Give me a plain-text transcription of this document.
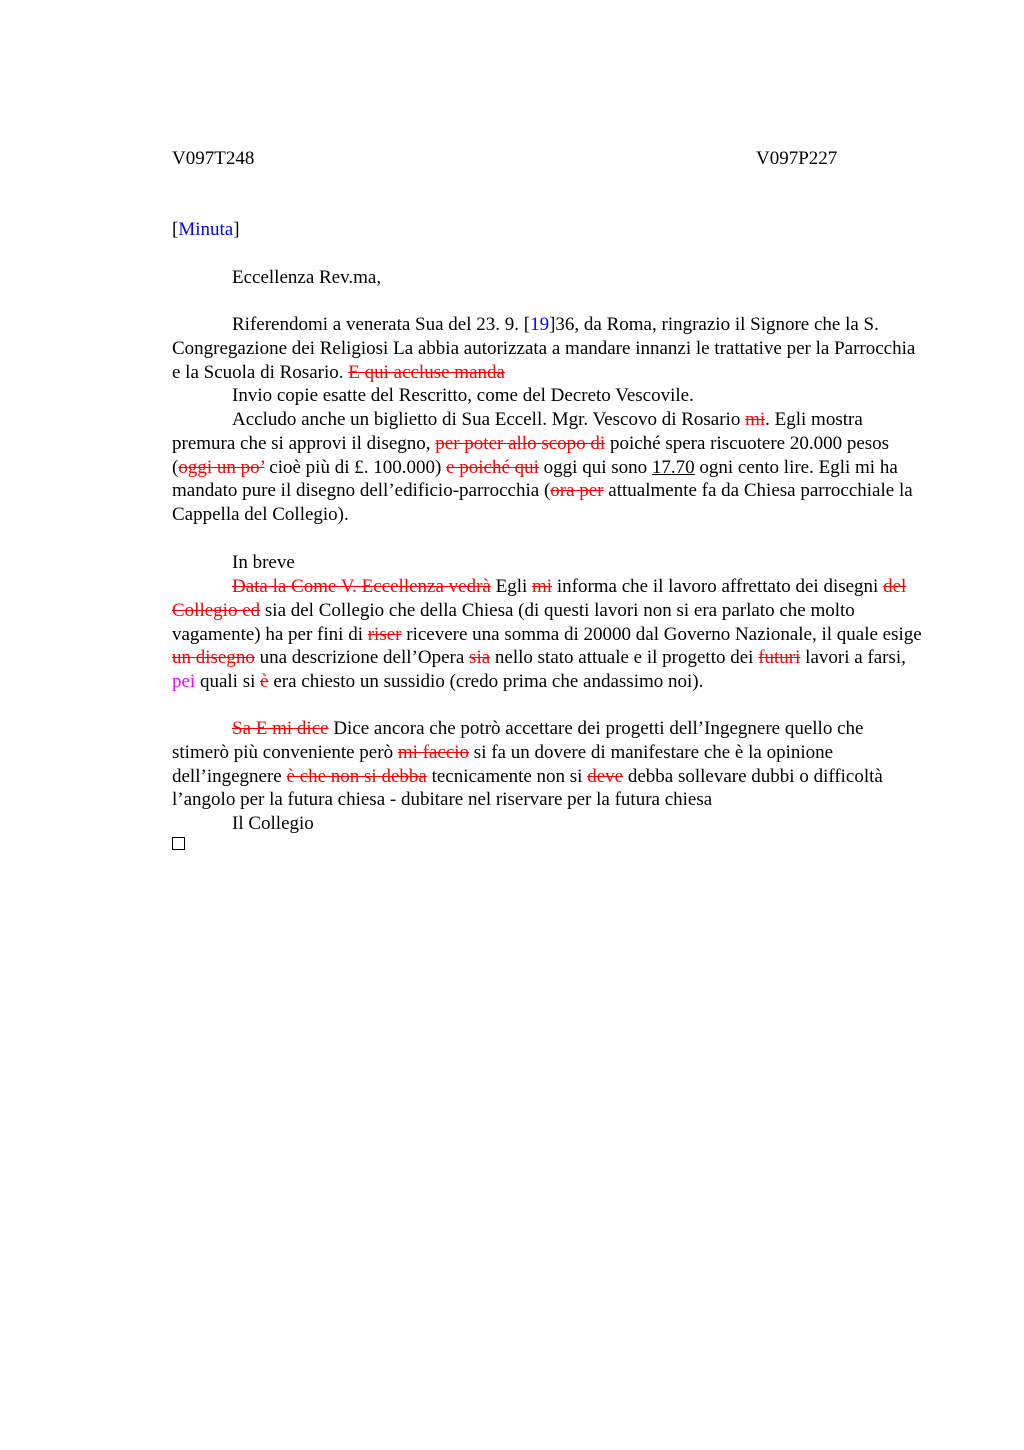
V097T248	V097P227

[Minuta]

Eccellenza Rev.ma,

Riferendomi a venerata Sua del 23. 9. [19]36, da Roma, ringrazio il Signore che la S. Congregazione dei Religiosi La abbia autorizzata a mandare innanzi le trattative per la Parrocchia e la Scuola di Rosario. E qui accluse manda

Invio copie esatte del Rescritto, come del Decreto Vescovile.

Accludo anche un biglietto di Sua Eccell. Mgr. Vescovo di Rosario mi. Egli mostra premura che si approvi il disegno, per poter allo scopo di poiché spera riscuotere 20.000 pesos (oggi un po’ cioè più di £. 100.000) e poiché qui oggi qui sono 17.70 ogni cento lire. Egli mi ha mandato pure il disegno dell’edificio-parrocchia (ora per attualmente fa da Chiesa parrocchiale la Cappella del Collegio).

In breve

Data la Come V. Eccellenza vedrà Egli mi informa che il lavoro affrettato dei disegni del Collegio ed sia del Collegio che della Chiesa (di questi lavori non si era parlato che molto vagamente) ha per fini di riser ricevere una somma di 20000 dal Governo Nazionale, il quale esige un disegno una descrizione dell’Opera sia nello stato attuale e il progetto dei futuri lavori a farsi, pei quali si è era chiesto un sussidio (credo prima che andassimo noi).

Sa E mi dice Dice ancora che potrò accettare dei progetti dell’Ingegnere quello che stimerò più conveniente però mi faccio si fa un dovere di manifestare che è la opinione dell’ingegnere è che non si debba tecnicamente non si deve debba sollevare dubbi o difficoltà l’angolo per la futura chiesa - dubitare nel riservare per la futura chiesa

Il Collegio
